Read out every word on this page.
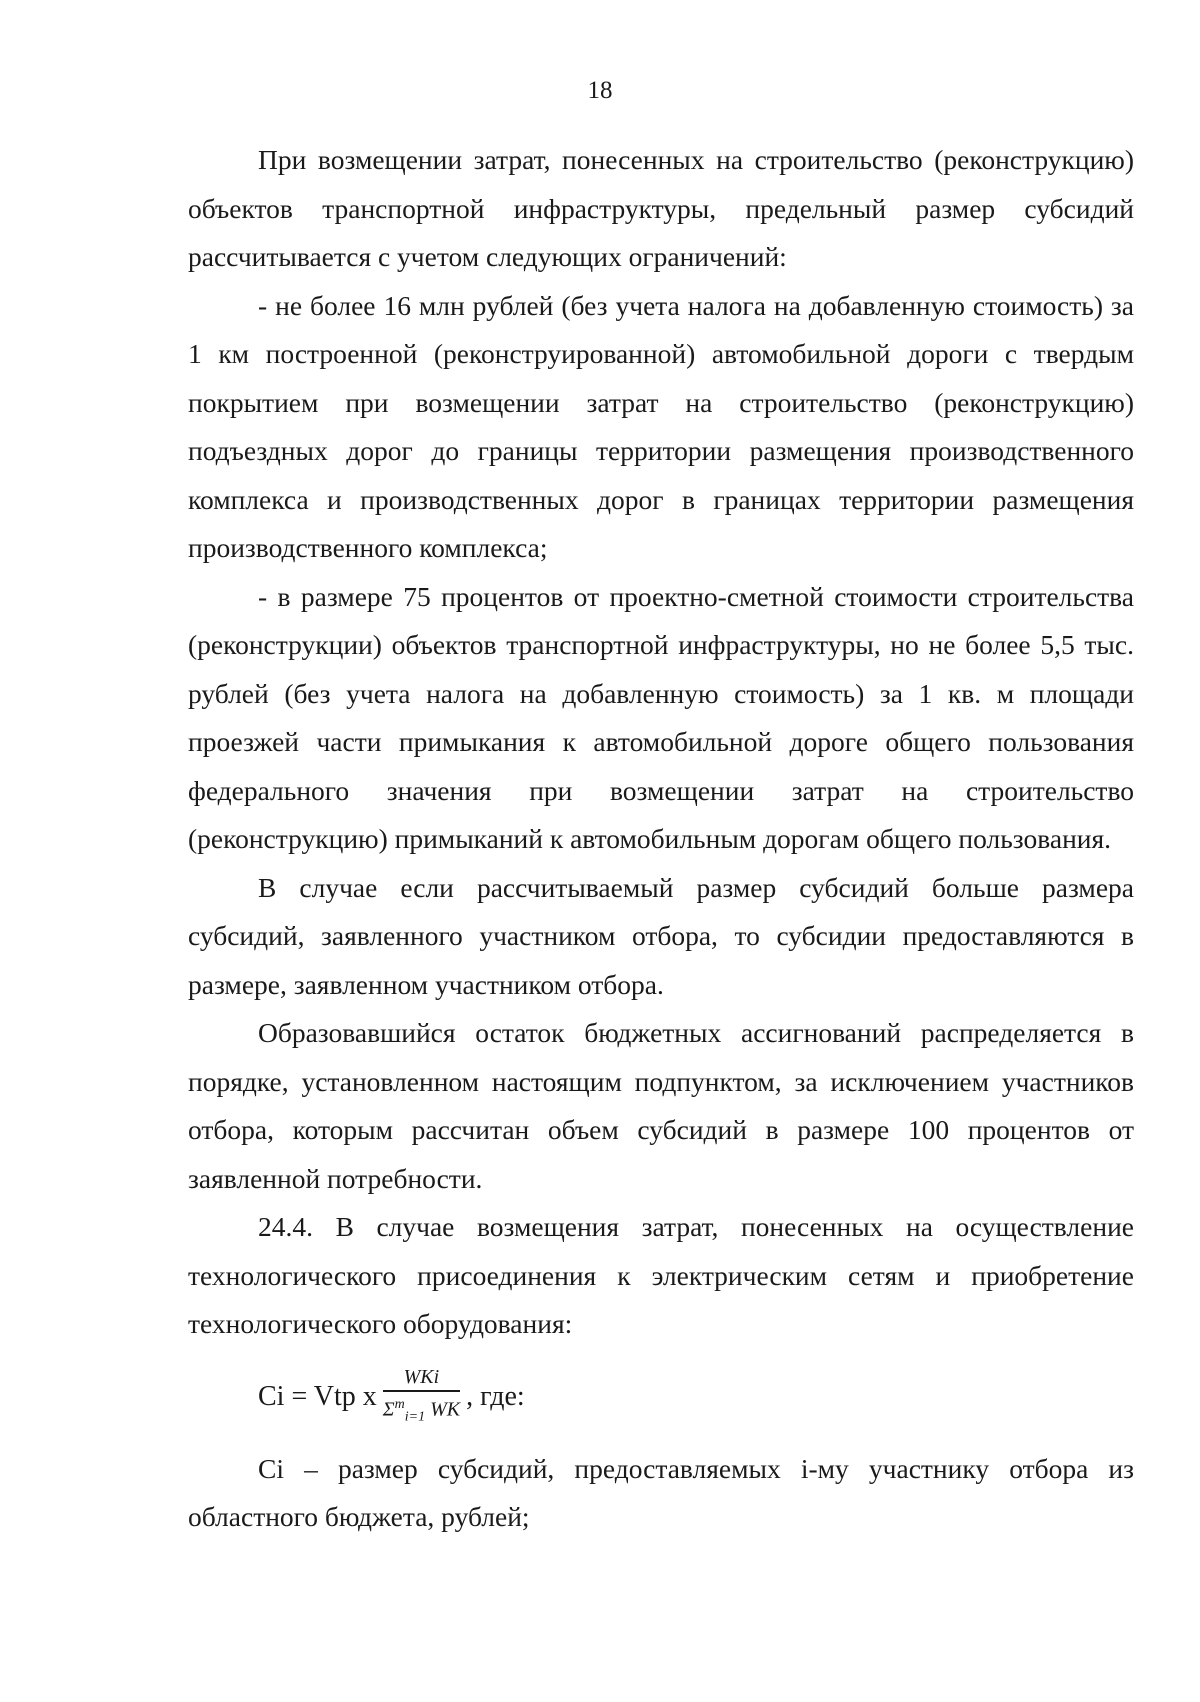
18

При возмещении затрат, понесенных на строительство (реконструкцию) объектов транспортной инфраструктуры, предельный размер субсидий рассчитывается с учетом следующих ограничений:

- не более 16 млн рублей (без учета налога на добавленную стоимость) за 1 км построенной (реконструированной) автомобильной дороги с твердым покрытием при возмещении затрат на строительство (реконструкцию) подъездных дорог до границы территории размещения производственного комплекса и производственных дорог в границах территории размещения производственного комплекса;

- в размере 75 процентов от проектно-сметной стоимости строительства (реконструкции) объектов транспортной инфраструктуры, но не более 5,5 тыс. рублей (без учета налога на добавленную стоимость) за 1 кв. м площади проезжей части примыкания к автомобильной дороге общего пользования федерального значения при возмещении затрат на строительство (реконструкцию) примыканий к автомобильным дорогам общего пользования.

В случае если рассчитываемый размер субсидий больше размера субсидий, заявленного участником отбора, то субсидии предоставляются в размере, заявленном участником отбора.

Образовавшийся остаток бюджетных ассигнований распределяется в порядке, установленном настоящим подпунктом, за исключением участников отбора, которым рассчитан объем субсидий в размере 100 процентов от заявленной потребности.

24.4. В случае возмещения затрат, понесенных на осуществление технологического присоединения к электрическим сетям и приобретение технологического оборудования:

Ci = Vtp x $\frac{\text{WKi}}{\Sigma^m_{i=1} WK}$ , где:

Ci – размер субсидий, предоставляемых i-му участнику отбора из областного бюджета, рублей;
